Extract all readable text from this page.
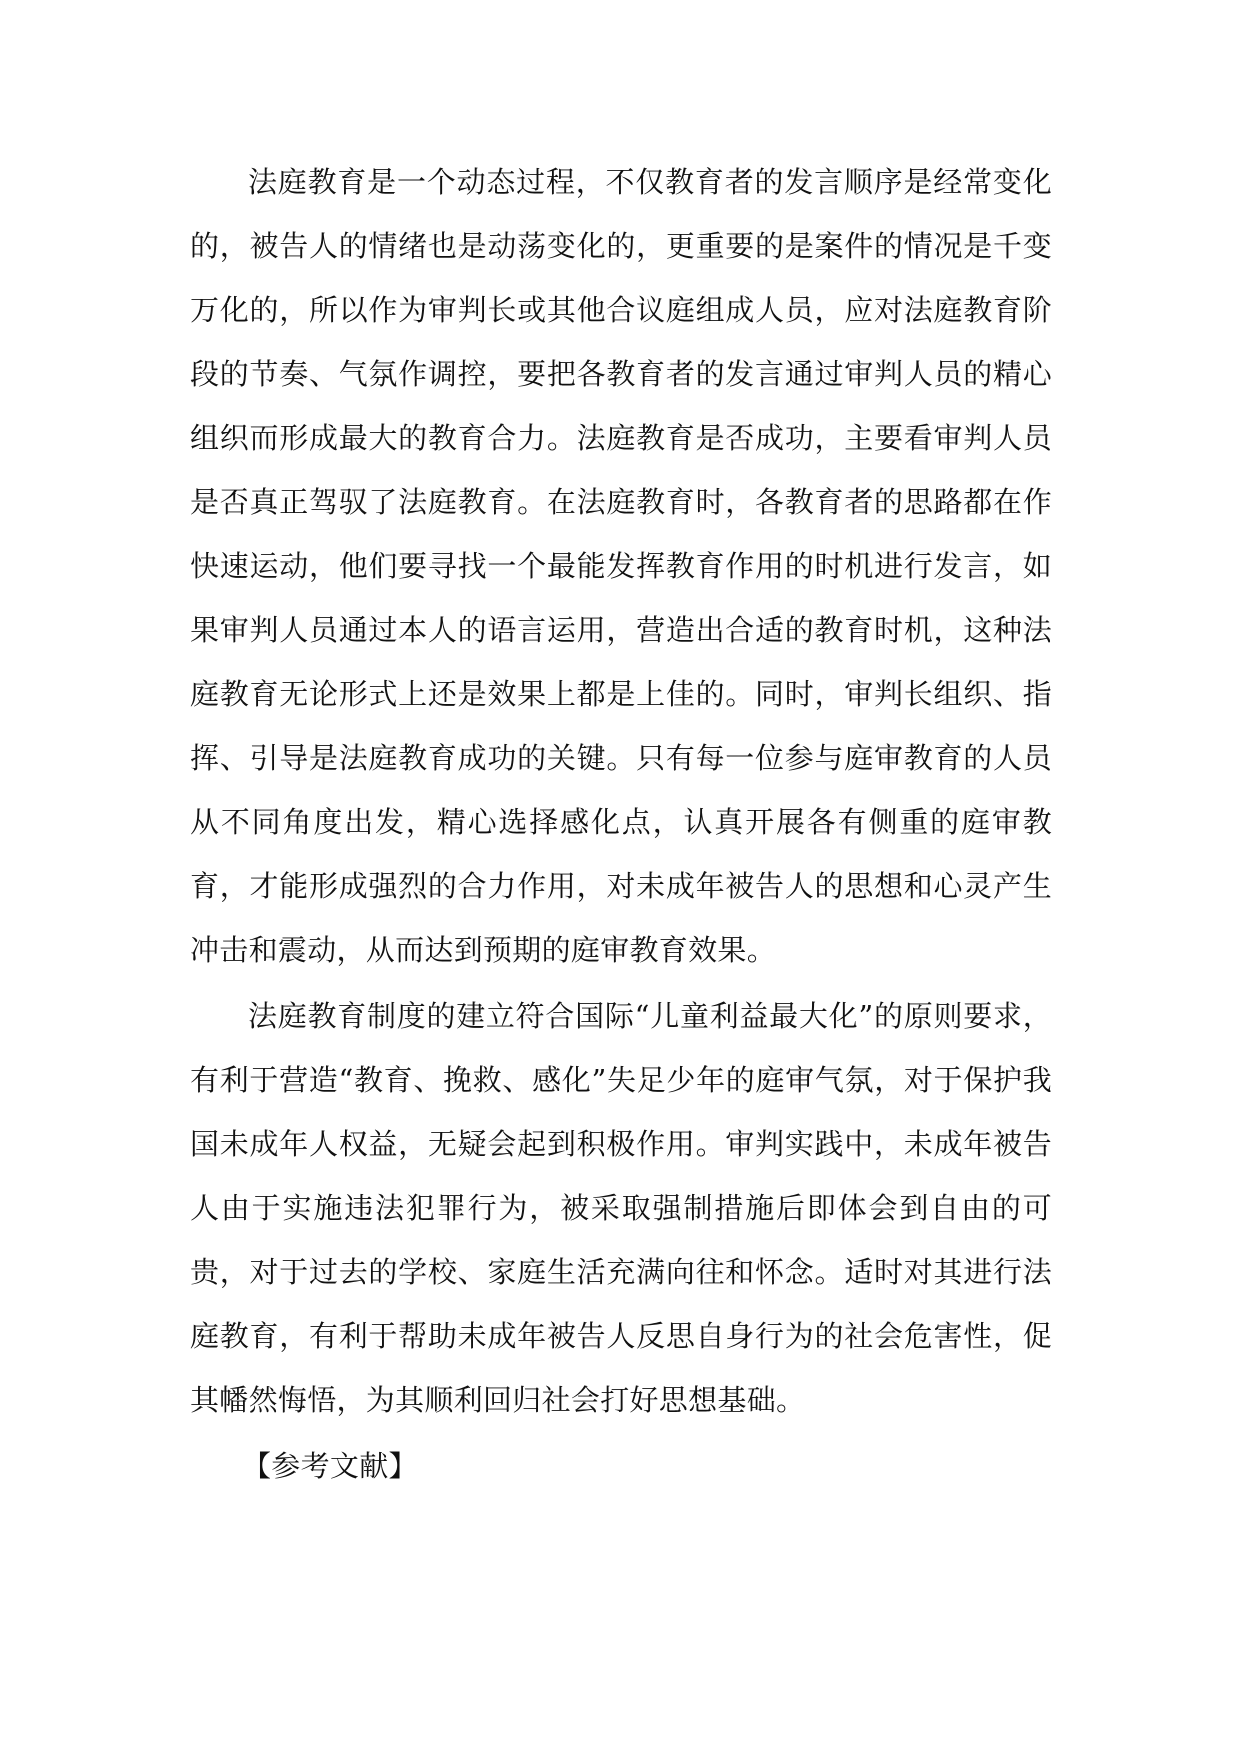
法庭教育是一个动态过程，不仅教育者的发言顺序是经常变化的，被告人的情绪也是动荡变化的，更重要的是案件的情况是千变万化的，所以作为审判长或其他合议庭组成人员，应对法庭教育阶段的节奏、气氛作调控，要把各教育者的发言通过审判人员的精心组织而形成最大的教育合力。法庭教育是否成功，主要看审判人员是否真正驾驭了法庭教育。在法庭教育时，各教育者的思路都在作快速运动，他们要寻找一个最能发挥教育作用的时机进行发言，如果审判人员通过本人的语言运用，营造出合适的教育时机，这种法庭教育无论形式上还是效果上都是上佳的。同时，审判长组织、指挥、引导是法庭教育成功的关键。只有每一位参与庭审教育的人员从不同角度出发，精心选择感化点，认真开展各有侧重的庭审教育，才能形成强烈的合力作用，对未成年被告人的思想和心灵产生冲击和震动，从而达到预期的庭审教育效果。

法庭教育制度的建立符合国际“儿童利益最大化”的原则要求，有利于营造“教育、挽救、感化”失足少年的庭审气氛，对于保护我国未成年人权益，无疑会起到积极作用。审判实践中，未成年被告人由于实施违法犯罪行为，被采取强制措施后即体会到自由的可贵，对于过去的学校、家庭生活充满向往和怀念。适时对其进行法庭教育，有利于帮助未成年被告人反思自身行为的社会危害性，促其幡然悔悟，为其顺利回归社会打好思想基础。

【参考文献】
